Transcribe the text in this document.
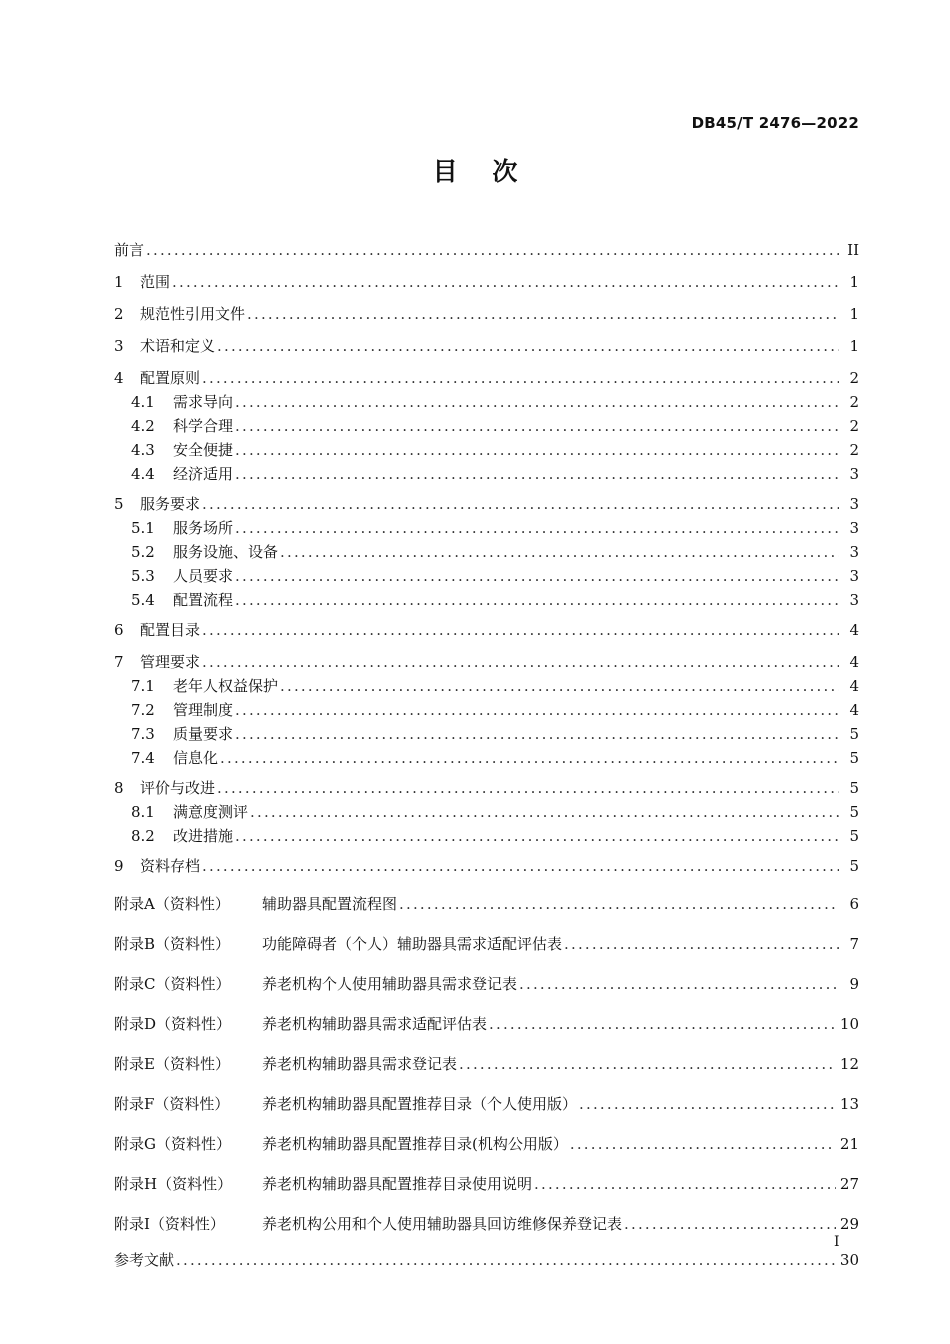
DB45/T 2476—2022
目    次
前言 .....	II
1 范围 .....	1
2 规范性引用文件 .....	1
3 术语和定义 .....	1
4 配置原则 .....	2
4.1 需求导向 .....	2
4.2 科学合理 .....	2
4.3 安全便捷 .....	2
4.4 经济适用 .....	3
5 服务要求 .....	3
5.1 服务场所 .....	3
5.2 服务设施、设备 .....	3
5.3 人员要求 .....	3
5.4 配置流程 .....	3
6 配置目录 .....	4
7 管理要求 .....	4
7.1 老年人权益保护 .....	4
7.2 管理制度 .....	4
7.3 质量要求 .....	5
7.4 信息化 .....	5
8 评价与改进 .....	5
8.1 满意度测评 .....	5
8.2 改进措施 .....	5
9 资料存档 .....	5
附录A（资料性） 辅助器具配置流程图 .....	6
附录B（资料性） 功能障碍者（个人）辅助器具需求适配评估表 .....	7
附录C（资料性） 养老机构个人使用辅助器具需求登记表 .....	9
附录D（资料性） 养老机构辅助器具需求适配评估表 .....	10
附录E（资料性） 养老机构辅助器具需求登记表 .....	12
附录F（资料性） 养老机构辅助器具配置推荐目录（个人使用版） .....	13
附录G（资料性） 养老机构辅助器具配置推荐目录(机构公用版） .....	21
附录H（资料性） 养老机构辅助器具配置推荐目录使用说明 .....	27
附录I（资料性） 养老机构公用和个人使用辅助器具回访维修保养登记表 .....	29
参考文献 .....	30
I
